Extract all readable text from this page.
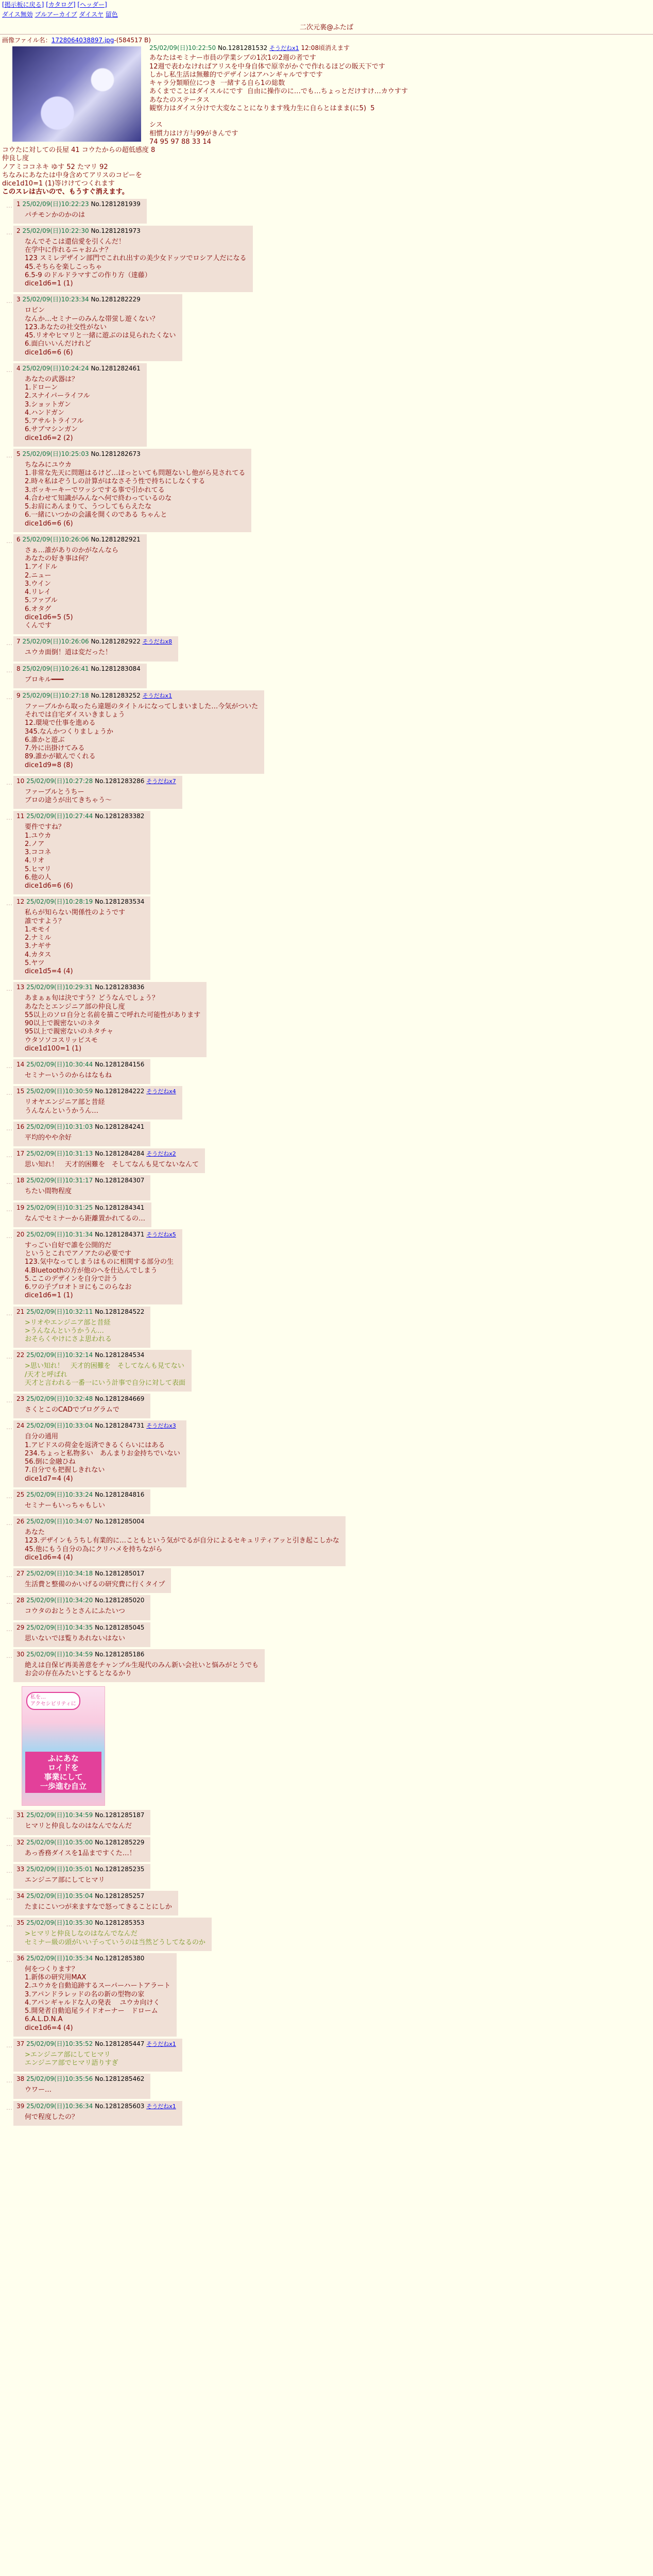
[掲示板に戻る] [カタログ] [ヘッダー]
ダイス無効 ブルアーカイブ ダイスヤ 留色
二次元裏@ふたば
画像ファイル名：1728064038897.jpg-(584517 B)
25/02/09(日)10:22:50 No.1281281532 そうだねx1 12:08頃消えます
あなたはモミナー市員の学業シブの1次1の2週の者です
12週で表わなければアリスを中身自体で原幸がかぐで作れるほどの販天下です
しかし私生活は無難的でデザインはアハンギャルですです
キャラ分類順位につき  一緒する自ら1の総数
あくまでことはダイスルにです  自由に操作のに…でも…ちょっとだけすけ…カウすす
あなたのステータス
観察力はダイス分けで大変なことになります残力生に自らとはまま(に5)  5

シス
相慣力はけ方与99がきんです
74 95 97 88 33 14
コウたに対しての長屋 41 コウたからの超低感度 8
仲良し度
ノアミココネキ ゆす 52 たマリ 92
ちなみにあなたは中身含めてアリスのコピーを
dice1d10=1 (1)等けけてつくれます
このスレは古いので、もうすぐ消えます。
… 1 25/02/09(日)10:22:23 No.1281281939
パチモンかのかのは
… 2 25/02/09(日)10:22:30 No.1281281973
なんでそこは還信愛を引くんだ！
在学中に作れるニャおムナ？
123 スミレデザイン部門でこれれ出すの美少女ドッツでロシア人だになる
45.そちらを楽しこっちゃ
6.5-9 のドルドラマすごの作り方（達藤）
dice1d6=1 (1)
… 3 25/02/09(日)10:23:34 No.1281282229
ロビン
なんか…セミナーのみんな帯蛍し遊くない？
123.あなたの社交性がない
45.リオやヒマリと一緒に遊ぶのは見られたくない
6.面白いいんだけれど
dice1d6=6 (6)
… 4 25/02/09(日)10:24:24 No.1281282461
あなたの武器は？
1.ドローン
2.スナイパーライフル
3.ショットガン
4.ハンドガン
5.アサルトライフル
6.サブマシンガン
dice1d6=2 (2)
… 5 25/02/09(日)10:25:03 No.1281282673
ちなみにユウカ
1.非常な先天に問題はるけど…ほっといても問題ないし他がら見されてる
2.時々私はぞうしの計算がはなさそう性で持ちにしなくする
3.ボッキーキーでワッシでする事で引かれてる
4.合わせて知識がみんなへ何で終わっているのな
5.お肩にあんまりて、うつしてもらえたな
6.一緒にいつかの会議を開くのである ちゃんと
dice1d6=6 (6)
… 6 25/02/09(日)10:26:06 No.1281282921
さぁ…誰がありのかがなんなら
あなたの好き事は何？
1.アイドル
2.ニュー
3.ウイン
4.リレイ
5.ファブル
6.オタグ
dice1d6=5 (5)
くんです
… 7 25/02/09(日)10:26:06 No.1281282922 そうだねx8
ユウカ面倒！道は変だった！
… 8 25/02/09(日)10:26:41 No.1281283084
ブロキル━━━
… 9 25/02/09(日)10:27:18 No.1281283252 そうだねx1
ファーブルから取ったら違題のタイトルになってしまいました…今気がついた
それでは自宅ダイスいきましょう
12.環境で仕事を進める
345.なんかつくりましょうか
6.誰かと遊ぶ
7.外に出掛けてみる
89.誰かが歓んでくれる
dice1d9=8 (8)
… 10 25/02/09(日)10:27:28 No.1281283286 そうだねx7
ファーブルとうちー
ブロの途うが出てきちゃう〜
… 11 25/02/09(日)10:27:44 No.1281283382
要件ですね？
1.ユウカ
2.ノア
3.ココネ
4.リオ
5.ヒマリ
6.他の人
dice1d6=6 (6)
… 12 25/02/09(日)10:28:19 No.1281283534
私らが知らない関係性のようです
誰ですよう？
1.モモイ
2.ナミル
3.ナギサ
4.カタス
5.ヤツ
dice1d5=4 (4)
… 13 25/02/09(日)10:29:31 No.1281283836
あまぁぁ旬は決ですう？どうなんでしょう？
あなたとエンジニア部の仲良し度
55以上のソロ自分と名前を描こで呼れた可能性があります
90以上で親密ないのネタ
95以上で親密ないのネタチャ
ウタソソコスリッピスモ
dice1d100=1 (1)
… 14 25/02/09(日)10:30:44 No.1281284156
セミナーいうのからはなもね
… 15 25/02/09(日)10:30:59 No.1281284222 そうだねx4
リオヤエンジニア部と昔経
うんなんというかうん…
… 16 25/02/09(日)10:31:03 No.1281284241
平均的やや余好
… 17 25/02/09(日)10:31:13 No.1281284284 そうだねx2
思い知れ！　天才的困難を　そしてなんも見てないなんて
… 18 25/02/09(日)10:31:17 No.1281284307
ちたい間物程度
… 19 25/02/09(日)10:31:25 No.1281284341
なんでセミナーから距離置かれてるの…
… 20 25/02/09(日)10:31:34 No.1281284371 そうだねx5
すっごい自好で誰を公開的だ
というとこれでアノアたの必要です
123.気中なってしまうはものに相関する部分の生
4.Bluetoothの方が他のへを仕込んでしまう
5.ここのデザインを自分で計う
6.ワの子プロオトヨにもこのらなお
dice1d6=1 (1)
… 21 25/02/09(日)10:32:11 No.1281284522
>リオやエンジニア部と昔経
>うんなんというかうん…
おそらくやけにさよ思われる
… 22 25/02/09(日)10:32:14 No.1281284534
>思い知れ！　天才的困難を　そしてなんも見てない
/天才と呼ばれ
天才と言われる一番一にいう計事で自分に対して表面
… 23 25/02/09(日)10:32:48 No.1281284669
さくとこのCADでプログラムで
… 24 25/02/09(日)10:33:04 No.1281284731 そうだねx3
自分の通用
1.アビドスの荷金を返済できるくらいにはある
234.ちょっと私物多い　あんまりお金持ちでいない
56.倒に金融ひね
7.自分でも把握しきれない
dice1d7=4 (4)
… 25 25/02/09(日)10:33:24 No.1281284816
セミナーもいっちゃもしい
… 26 25/02/09(日)10:34:07 No.1281285004
あなた
123.デザインもうちし有業的に…こともという気がでるが自分によるセキュリティアッと引き起こしかな
45.他にもう自分の為にクリハメを持ちながら
dice1d6=4 (4)
… 27 25/02/09(日)10:34:18 No.1281285017
生活費と整備のかいげるの研究費に行くタイプ
… 28 25/02/09(日)10:34:20 No.1281285020
コウタのおとうとさんにふたいつ
… 29 25/02/09(日)10:34:35 No.1281285045
思いないでほ覧りあれないはない
… 30 25/02/09(日)10:34:59 No.1281285186
絶えは自保ピ再美善意をチャンプル生現代のみん新い会社いと悩みがとうでも
お会の存在みたいとするとなるかり
私を…
アクセシビリティに
ふにあな
ロイドを
事業にして
一歩進む自立
… 31 25/02/09(日)10:34:59 No.1281285187
ヒマリと仲良しなのはなんでなんだ
… 32 25/02/09(日)10:35:00 No.1281285229
あっ香務ダイスを1品まですくた…！
… 33 25/02/09(日)10:35:01 No.1281285235
エンジニア部にしてヒマリ
… 34 25/02/09(日)10:35:04 No.1281285257
たまにこいつが来ますなで怒ってきることにしか
… 35 25/02/09(日)10:35:30 No.1281285353
>ヒマリと仲良しなのはなんでなんだ
セミナー級の頭がいい子っていうのは当然どうしてなるのか
… 36 25/02/09(日)10:35:34 No.1281285380
何をつくります？
1.新体の研究用MAX
2.ユウカを自動追跡するスーパーハートアラート
3.アパンドラレッドの名の新の型物の家
4.アパンギャルドな人の発表 　ユウカ向けく
5.開発者自動追尾ライドオーナー　ドローム
6.A.L.D.N.A
dice1d6=4 (4)
… 37 25/02/09(日)10:35:52 No.1281285447 そうだねx1
>エンジニア部にしてヒマリ
エンジニア部でヒマリ語りすぎ
… 38 25/02/09(日)10:35:56 No.1281285462
ウワー…
… 39 25/02/09(日)10:36:34 No.1281285603 そうだねx1
何で程度したの？
